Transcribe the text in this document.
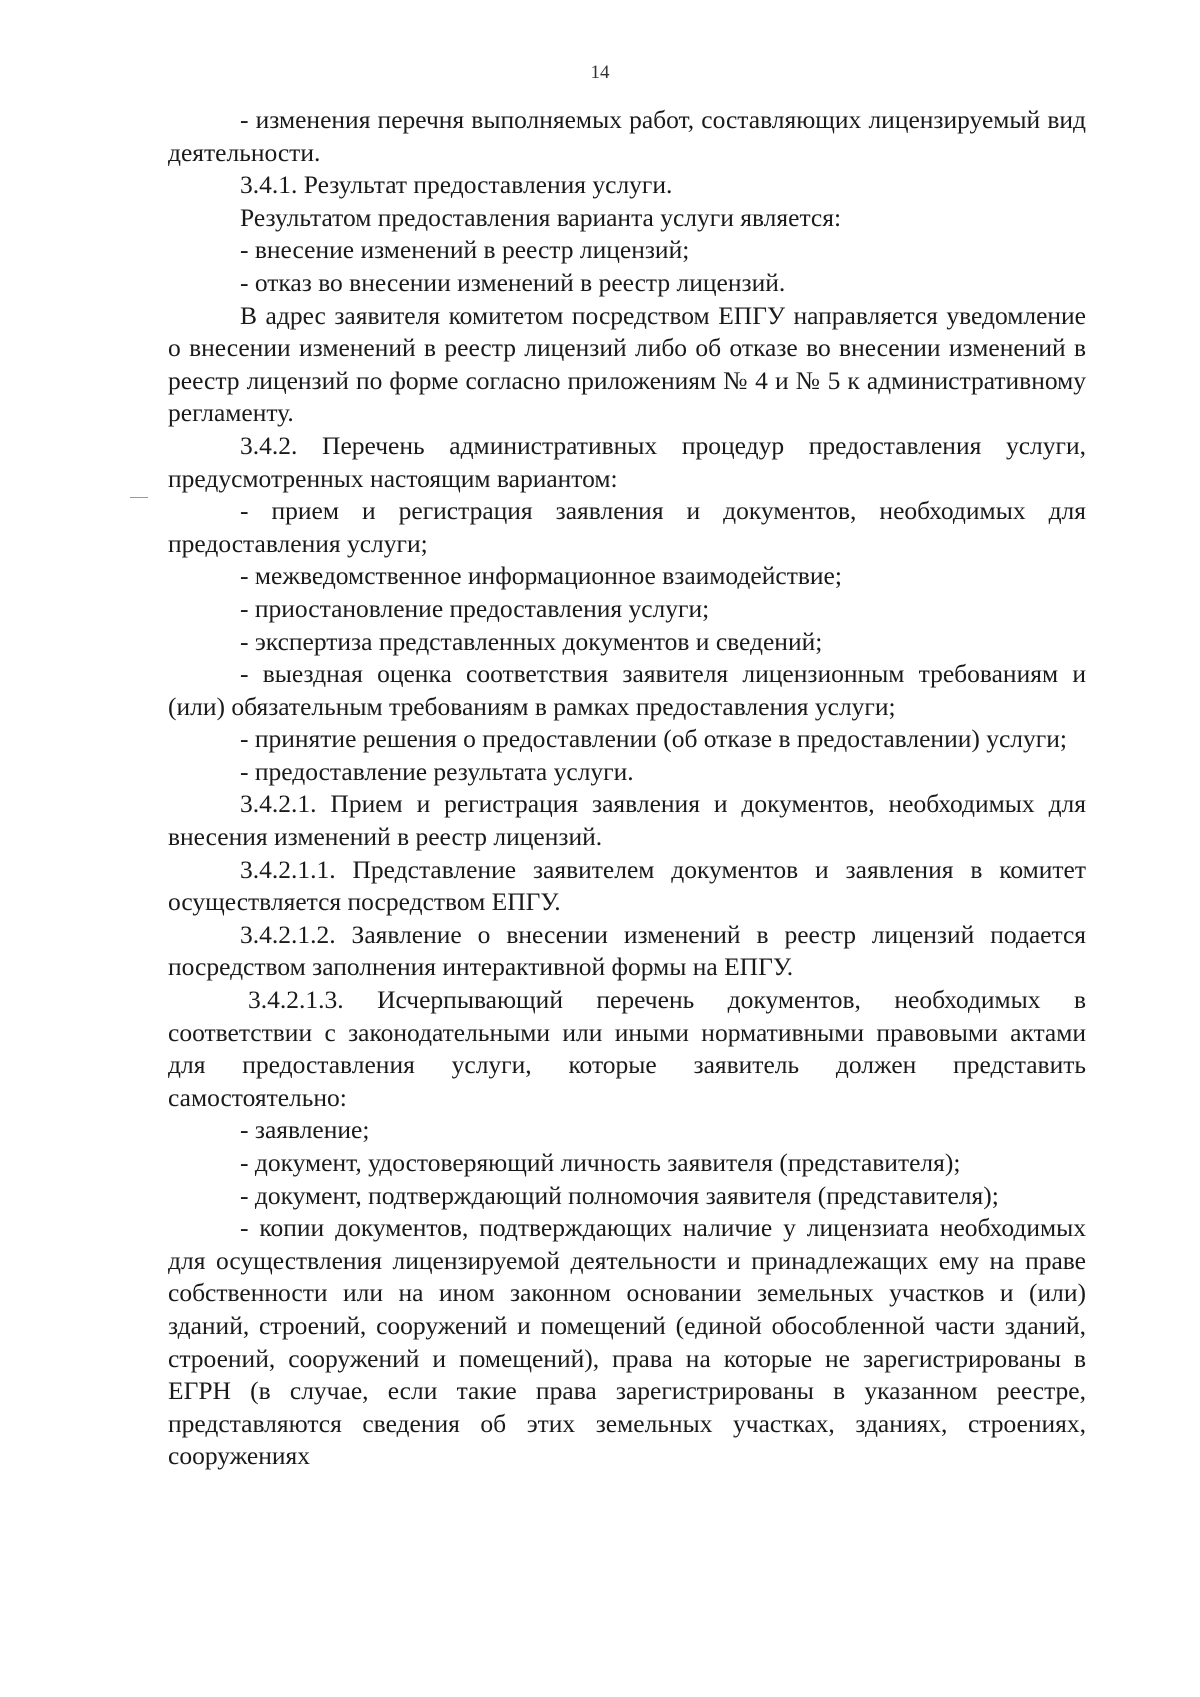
14

- изменения перечня выполняемых работ, составляющих лицензируемый вид деятельности.

3.4.1. Результат предоставления услуги.

Результатом предоставления варианта услуги является:

- внесение изменений в реестр лицензий;

- отказ во внесении изменений в реестр лицензий.

В адрес заявителя комитетом посредством ЕПГУ направляется уведомление о внесении изменений в реестр лицензий либо об отказе во внесении изменений в реестр лицензий по форме согласно приложениям № 4 и № 5 к административному регламенту.

3.4.2. Перечень административных процедур предоставления услуги, предусмотренных настоящим вариантом:

- прием и регистрация заявления и документов, необходимых для предоставления услуги;

- межведомственное информационное взаимодействие;

- приостановление предоставления услуги;

- экспертиза представленных документов и сведений;

- выездная оценка соответствия заявителя лицензионным требованиям и (или) обязательным требованиям в рамках предоставления услуги;

- принятие решения о предоставлении (об отказе в предоставлении) услуги;

- предоставление результата услуги.

3.4.2.1. Прием и регистрация заявления и документов, необходимых для внесения изменений в реестр лицензий.

3.4.2.1.1. Представление заявителем документов и заявления в комитет осуществляется посредством ЕПГУ.

3.4.2.1.2. Заявление о внесении изменений в реестр лицензий подается посредством заполнения интерактивной формы на ЕПГУ.

3.4.2.1.3. Исчерпывающий перечень документов, необходимых в соответствии с законодательными или иными нормативными правовыми актами для предоставления услуги, которые заявитель должен представить самостоятельно:

- заявление;

- документ, удостоверяющий личность заявителя (представителя);

- документ, подтверждающий полномочия заявителя (представителя);

- копии документов, подтверждающих наличие у лицензиата необходимых для осуществления лицензируемой деятельности и принадлежащих ему на праве собственности или на ином законном основании земельных участков и (или) зданий, строений, сооружений и помещений (единой обособленной части зданий, строений, сооружений и помещений), права на которые не зарегистрированы в ЕГРН (в случае, если такие права зарегистрированы в указанном реестре, представляются сведения об этих земельных участках, зданиях, строениях, сооружениях
